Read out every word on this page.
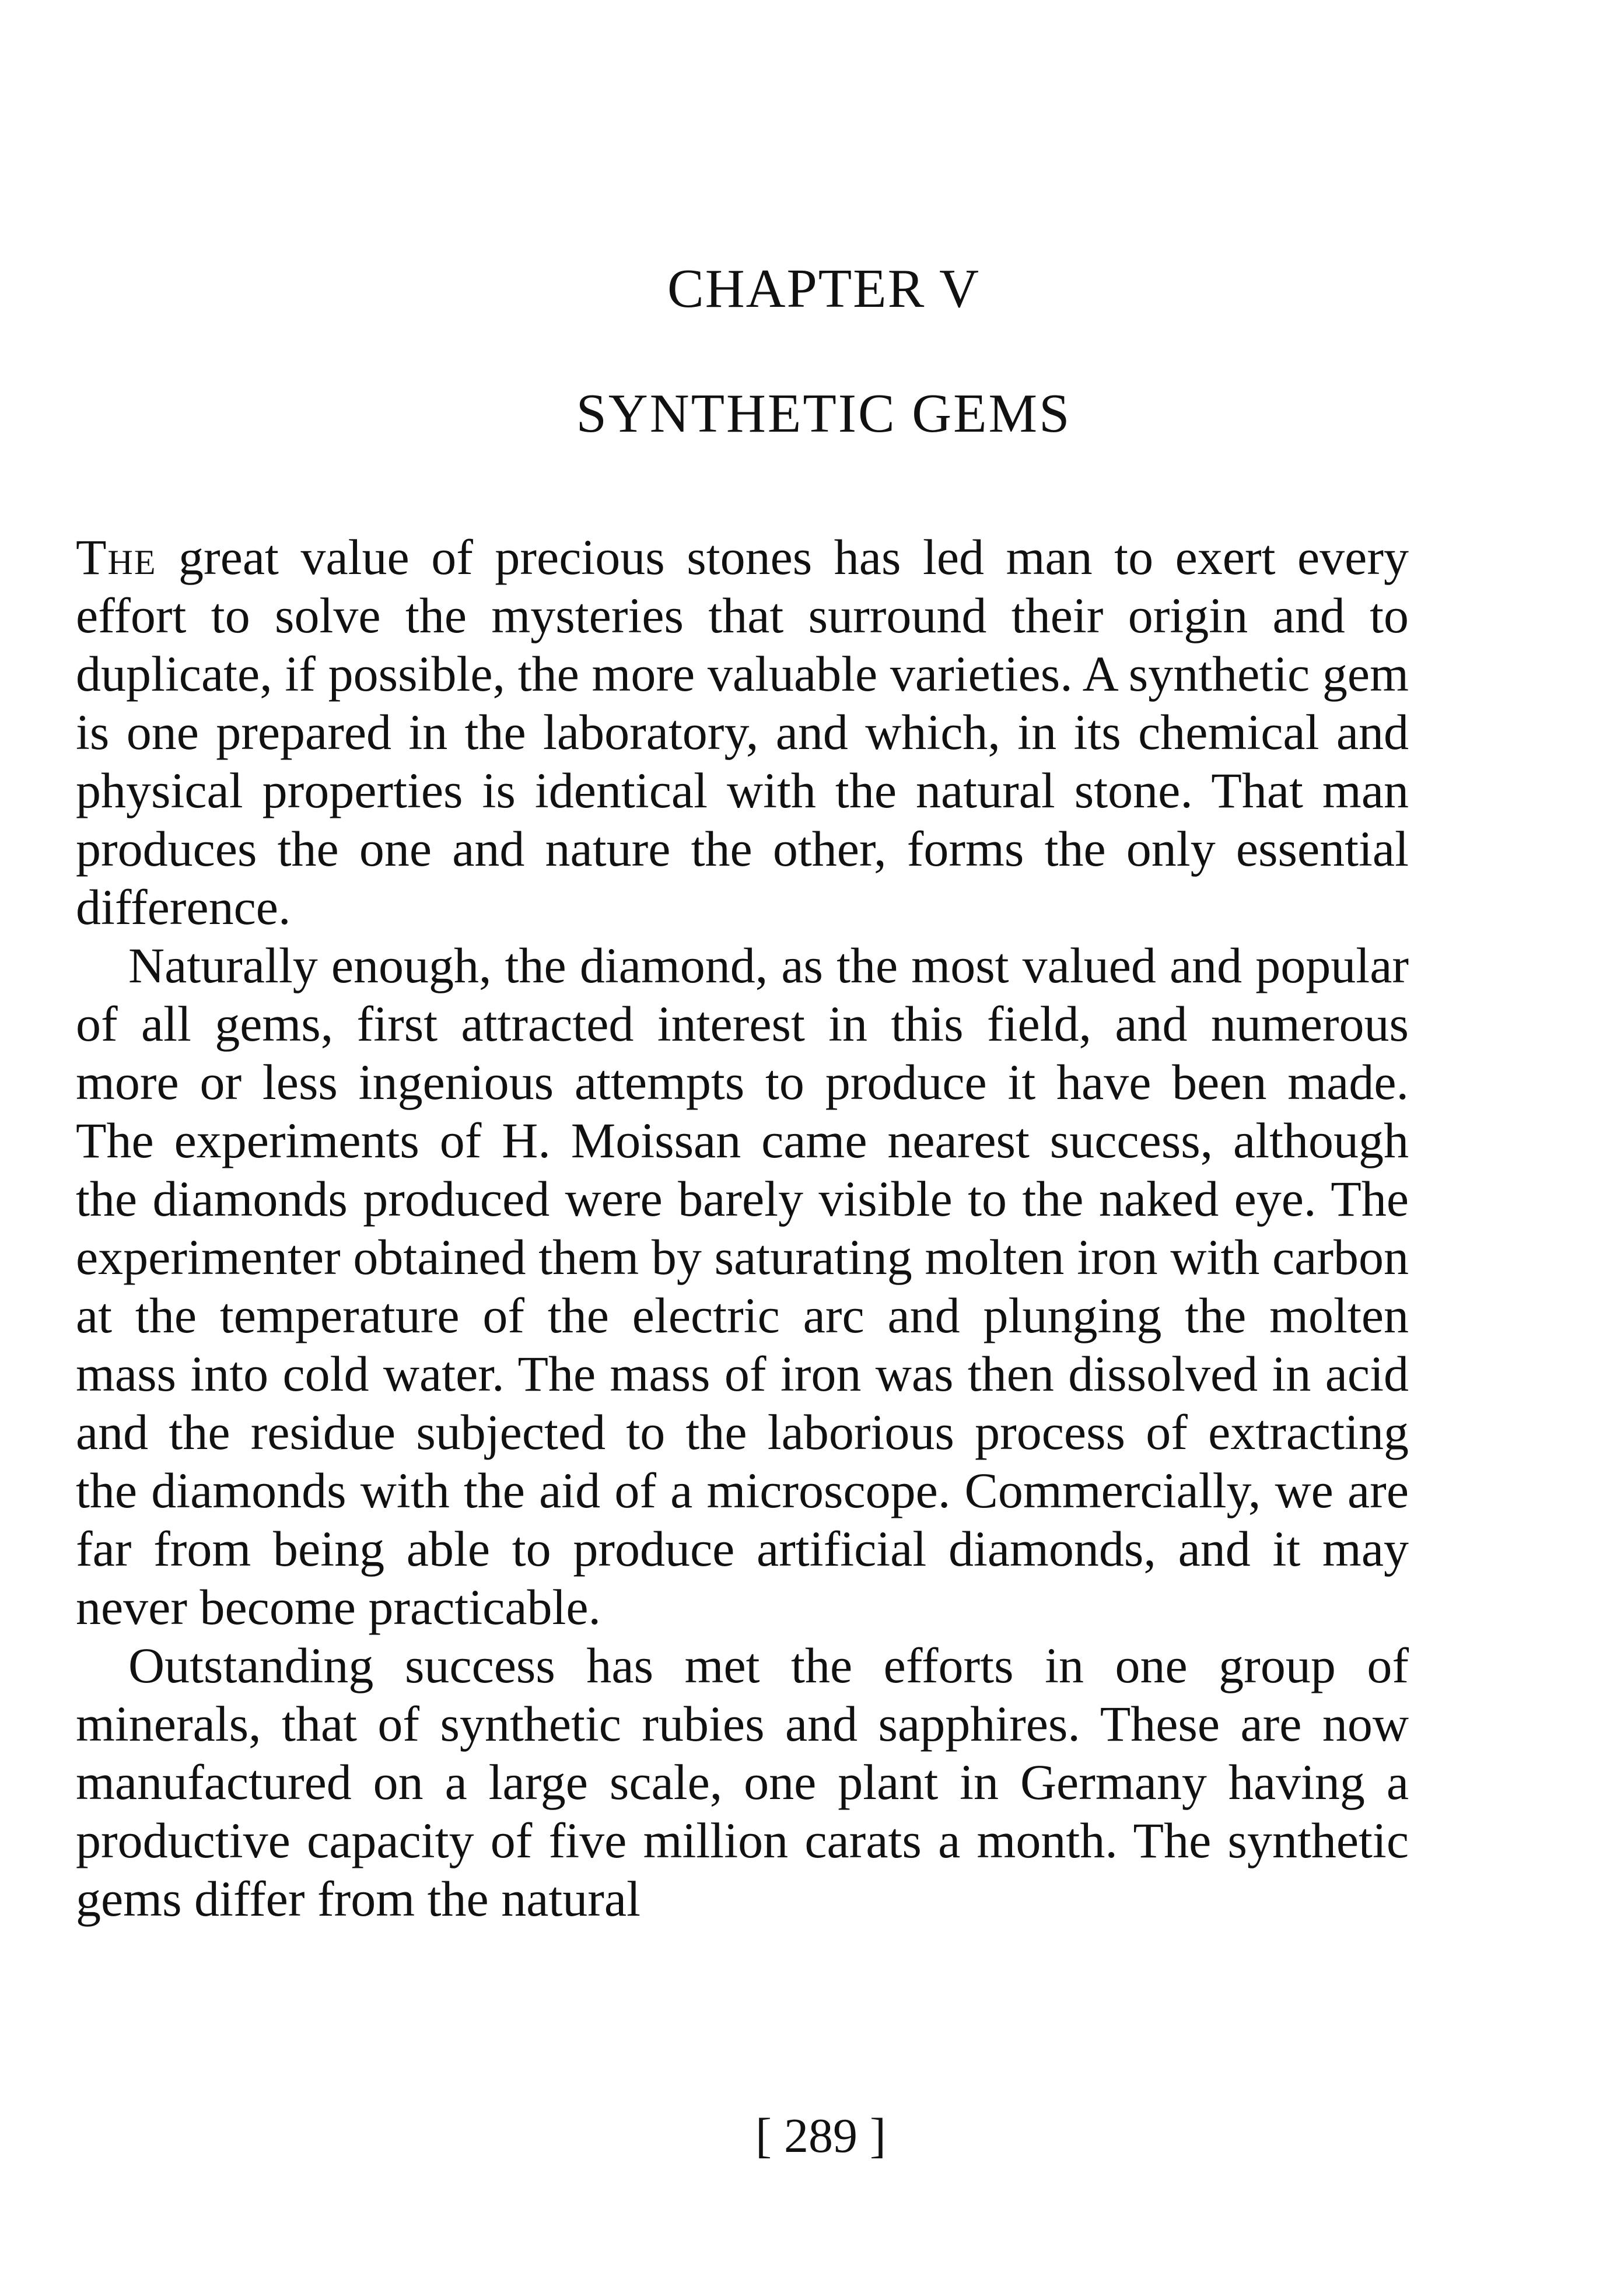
CHAPTER V
SYNTHETIC GEMS

The great value of precious stones has led man to exert every effort to solve the mysteries that surround their origin and to duplicate, if possible, the more valuable varieties. A synthetic gem is one prepared in the laboratory, and which, in its chemical and physical properties is identical with the natural stone. That man produces the one and nature the other, forms the only essential difference.

Naturally enough, the diamond, as the most valued and popular of all gems, first attracted interest in this field, and numerous more or less ingenious attempts to produce it have been made. The experiments of H. Moissan came nearest success, although the diamonds produced were barely visible to the naked eye. The experimenter obtained them by saturating molten iron with carbon at the temperature of the electric arc and plunging the molten mass into cold water. The mass of iron was then dissolved in acid and the residue subjected to the laborious process of extracting the diamonds with the aid of a microscope. Commercially, we are far from being able to produce artificial diamonds, and it may never become practicable.

Outstanding success has met the efforts in one group of minerals, that of synthetic rubies and sapphires. These are now manufactured on a large scale, one plant in Germany having a productive capacity of five million carats a month. The synthetic gems differ from the natural

[ 289 ]
